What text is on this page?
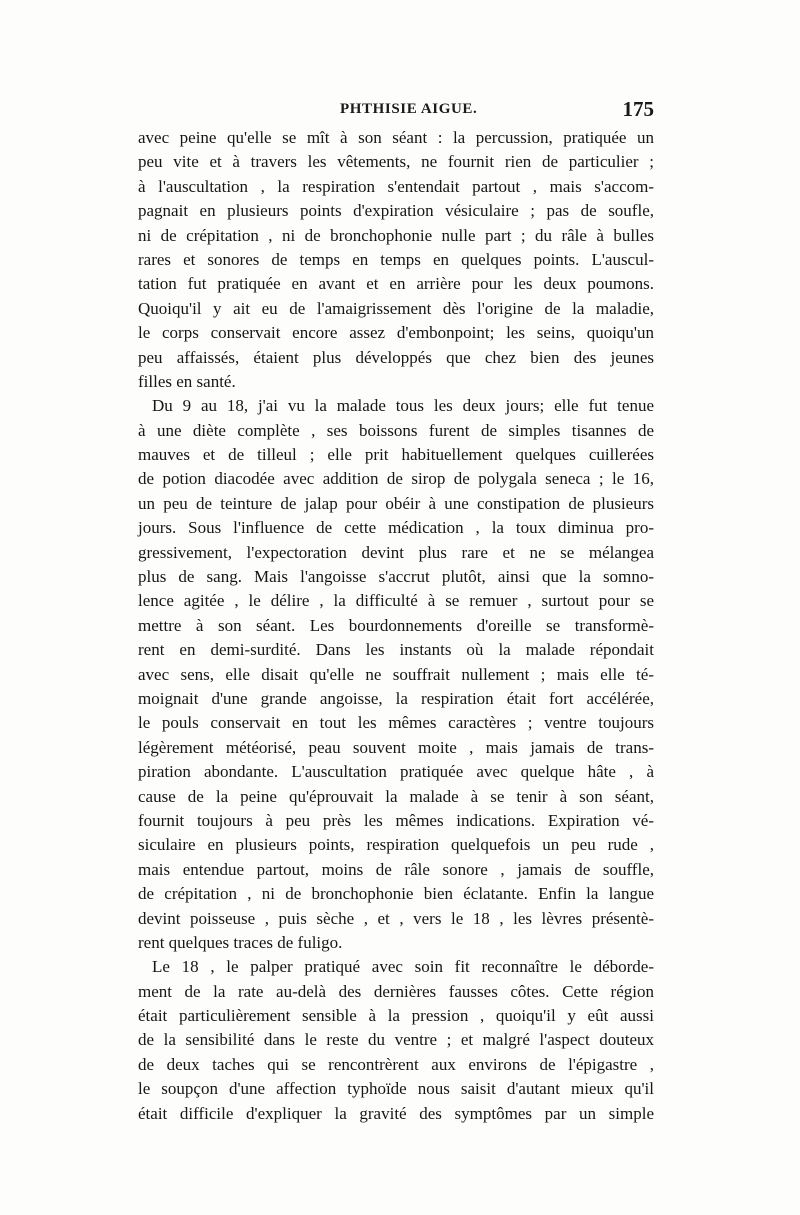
PHTHISIE AIGUE.	175

avec peine qu'elle se mît à son séant : la percussion, pratiquée un
peu vite et à travers les vêtements, ne fournit rien de particulier ;
à l'auscultation , la respiration s'entendait partout , mais s'accom-
pagnait en plusieurs points d'expiration vésiculaire ; pas de soufle,
ni de crépitation , ni de bronchophonie nulle part ; du râle à bulles
rares et sonores de temps en temps en quelques points. L'auscul-
tation fut pratiquée en avant et en arrière pour les deux poumons.
Quoiqu'il y ait eu de l'amaigrissement dès l'origine de la maladie,
le corps conservait encore assez d'embonpoint; les seins, quoiqu'un
peu affaissés, étaient plus développés que chez bien des jeunes
filles en santé.

Du 9 au 18, j'ai vu la malade tous les deux jours; elle fut tenue
à une diète complète , ses boissons furent de simples tisannes de
mauves et de tilleul ; elle prit habituellement quelques cuillerées
de potion diacodée avec addition de sirop de polygala seneca ; le 16,
un peu de teinture de jalap pour obéir à une constipation de plusieurs
jours. Sous l'influence de cette médication , la toux diminua pro-
gressivement, l'expectoration devint plus rare et ne se mélangea
plus de sang. Mais l'angoisse s'accrut plutôt, ainsi que la somno-
lence agitée , le délire , la difficulté à se remuer , surtout pour se
mettre à son séant. Les bourdonnements d'oreille se transformè-
rent en demi-surdité. Dans les instants où la malade répondait
avec sens, elle disait qu'elle ne souffrait nullement ; mais elle té-
moignait d'une grande angoisse, la respiration était fort accélérée,
le pouls conservait en tout les mêmes caractères ; ventre toujours
légèrement météorisé, peau souvent moite , mais jamais de trans-
piration abondante. L'auscultation pratiquée avec quelque hâte , à
cause de la peine qu'éprouvait la malade à se tenir à son séant,
fournit toujours à peu près les mêmes indications. Expiration vé-
siculaire en plusieurs points, respiration quelquefois un peu rude ,
mais entendue partout, moins de râle sonore , jamais de souffle,
de crépitation , ni de bronchophonie bien éclatante. Enfin la langue
devint poisseuse , puis sèche , et , vers le 18 , les lèvres présentè-
rent quelques traces de fuligo.

Le 18 , le palper pratiqué avec soin fit reconnaître le déborde-
ment de la rate au-delà des dernières fausses côtes. Cette région
était particulièrement sensible à la pression , quoiqu'il y eût aussi
de la sensibilité dans le reste du ventre ; et malgré l'aspect douteux
de deux taches qui se rencontrèrent aux environs de l'épigastre ,
le soupçon d'une affection typhoïde nous saisit d'autant mieux qu'il
était difficile d'expliquer la gravité des symptômes par un simple
